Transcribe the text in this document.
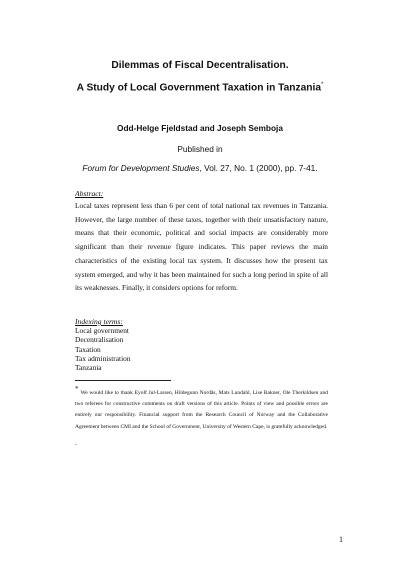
Dilemmas of Fiscal Decentralisation.
A Study of Local Government Taxation in Tanzania*
Odd-Helge Fjeldstad and Joseph Semboja
Published in
Forum for Development Studies, Vol. 27, No. 1 (2000), pp. 7-41.
Abstract:
Local taxes represent less than 6 per cent of total national tax revenues in Tanzania. However, the large number of these taxes, together with their unsatisfactory nature, means that their economic, political and social impacts are considerably more significant than their revenue figure indicates. This paper reviews the main characteristics of the existing local tax system. It discusses how the present tax system emerged, and why it has been maintained for such a long period in spite of all its weaknesses. Finally, it considers options for reform.
Indexing terms:
Local government
Decentralisation
Taxation
Tax administration
Tanzania
* We would like to thank Eyolf Jul-Larsen, Hildegunn Nordås, Mats Lundahl, Lise Rakner, Ole Therkildsen and two referees for constructive comments on draft versions of this article. Points of view and possible errors are entirely our responsibility. Financial support from the Research Council of Norway and the Collaborative Agreement between CMI and the School of Government, University of Western Cape, is gratefully acknowledged.
.
1
